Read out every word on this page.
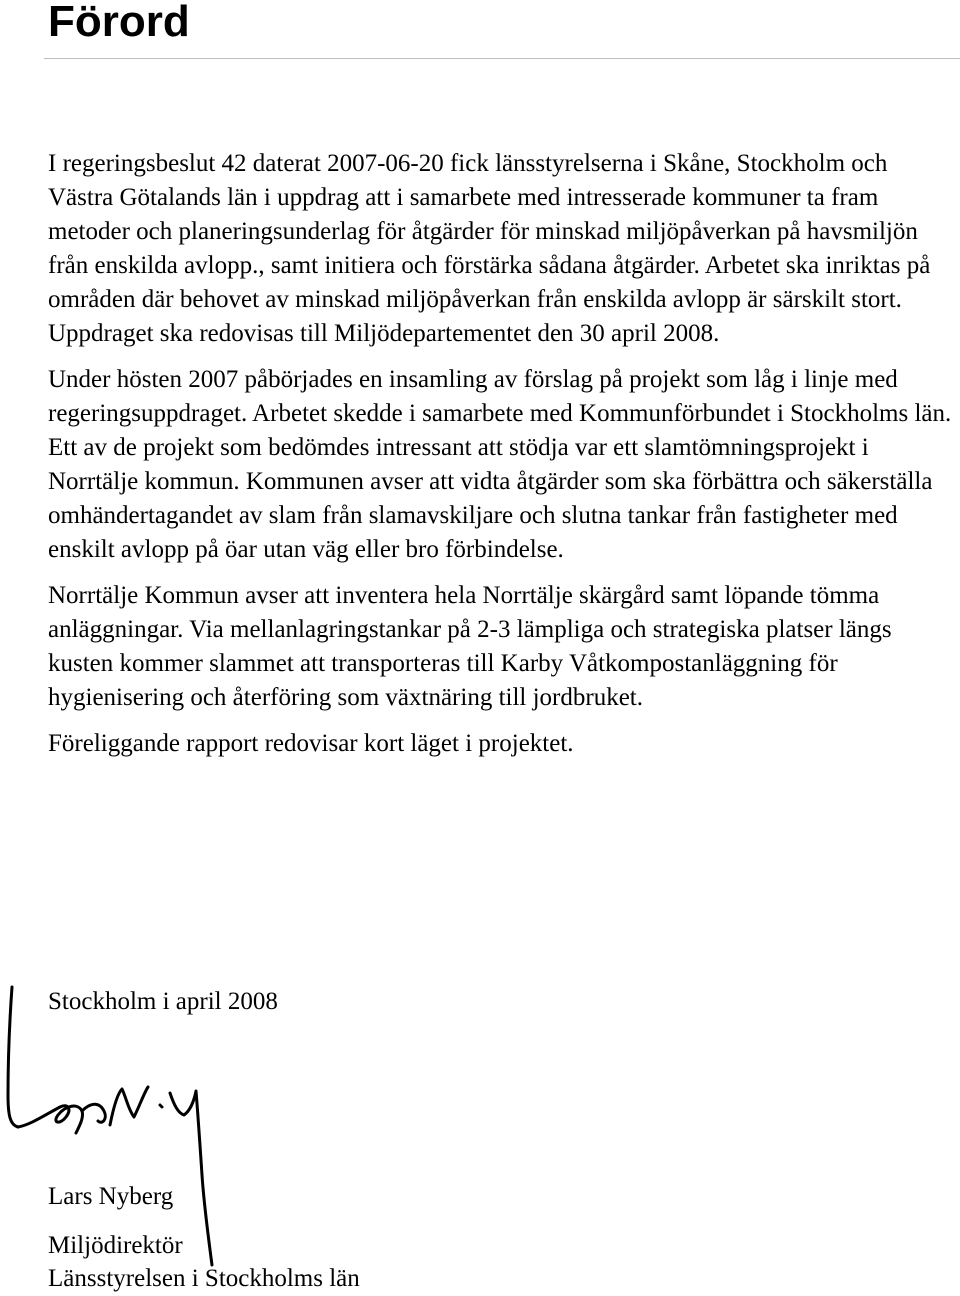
Förord

I regeringsbeslut 42 daterat 2007-06-20 fick länsstyrelserna i Skåne, Stockholm och Västra Götalands län i uppdrag att i samarbete med intresserade kommuner ta fram metoder och planeringsunderlag för åtgärder för minskad miljöpåverkan på havsmiljön från enskilda avlopp., samt initiera och förstärka sådana åtgärder. Arbetet ska inriktas på områden där behovet av minskad miljöpåverkan från enskilda avlopp är särskilt stort. Uppdraget ska redovisas till Miljödepartementet den 30 april 2008.

Under hösten 2007 påbörjades en insamling av förslag på projekt som låg i linje med regeringsuppdraget. Arbetet skedde i samarbete med Kommunförbundet i Stockholms län. Ett av de projekt som bedömdes intressant att stödja var ett slamtömningsprojekt i Norrtälje kommun. Kommunen avser att vidta åtgärder som ska förbättra och säkerställa omhändertagandet av slam från slamavskiljare och slutna tankar från fastigheter med enskilt avlopp på öar utan väg eller bro förbindelse.

Norrtälje Kommun avser att inventera hela Norrtälje skärgård samt löpande tömma anläggningar. Via mellanlagringstankar på 2-3 lämpliga och strategiska platser längs kusten kommer slammet att transporteras till Karby Våtkompostanläggning för hygienisering och återföring som växtnäring till jordbruket.

Föreliggande rapport redovisar kort läget i projektet.

Stockholm i april 2008

Lars Nyberg

Miljödirektör

Länsstyrelsen i Stockholms län
